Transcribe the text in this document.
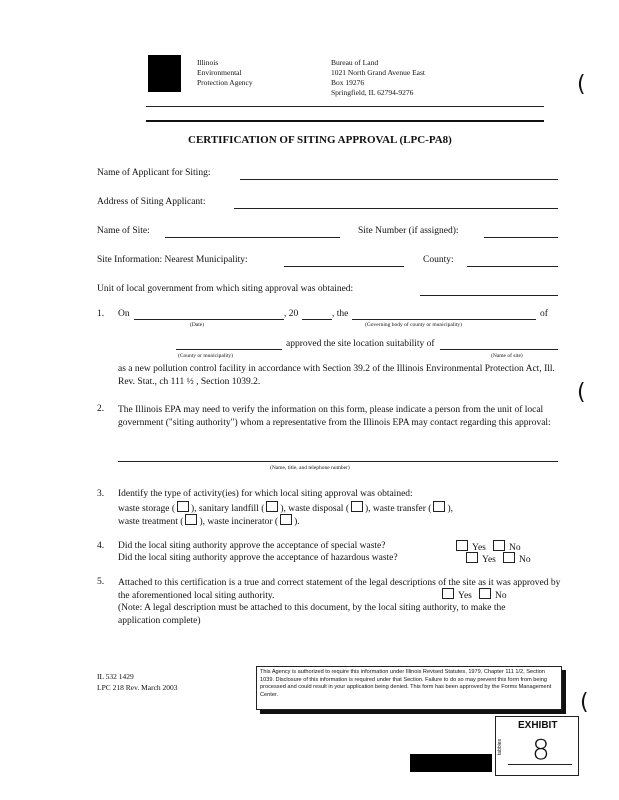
Illinois
Environmental
Protection Agency
Bureau of Land
1021 North Grand Avenue East
Box 19276
Springfield, IL 62794-9276
CERTIFICATION OF SITING APPROVAL (LPC-PA8)
Name of Applicant for Siting:
Address of Siting Applicant:
Name of Site:	Site Number (if assigned):
Site Information: Nearest Municipality:	County:
Unit of local government from which siting approval was obtained:
1. On	, 20	, the	of
(Date)	(Governing body of county or municipality)
approved the site location suitability of
(County or municipality)	(Name of site)
as a new pollution control facility in accordance with Section 39.2 of the Illinois Environmental Protection Act, Ill. Rev. Stat., ch 111 ½ , Section 1039.2.
2. The Illinois EPA may need to verify the information on this form, please indicate a person from the unit of local government ("siting authority") whom a representative from the Illinois EPA may contact regarding this approval:
(Name, title, and telephone number)
3. Identify the type of activity(ies) for which local siting approval was obtained:
waste storage ( ), sanitary landfill ( ), waste disposal ( ), waste transfer ( ),
waste treatment ( ), waste incinerator ( ).
4. Did the local siting authority approve the acceptance of special waste?	Yes No
Did the local siting authority approve the acceptance of hazardous waste?	Yes No
5. Attached to this certification is a true and correct statement of the legal descriptions of the site as it was approved by the aforementioned local siting authority.	Yes No
(Note: A legal description must be attached to this document, by the local siting authority, to make the application complete)
IL 532 1429
LPC 218 Rev. March 2003
This Agency is authorized to require this information under Illinois Revised Statutes, 1979, Chapter 111 1/2, Section 1039. Disclosure of this information is required under that Section. Failure to do so may prevent this form from being processed and could result in your application being denied. This form has been approved by the Forms Management Center.
EXHIBIT
tabbies 8
(
(
(
